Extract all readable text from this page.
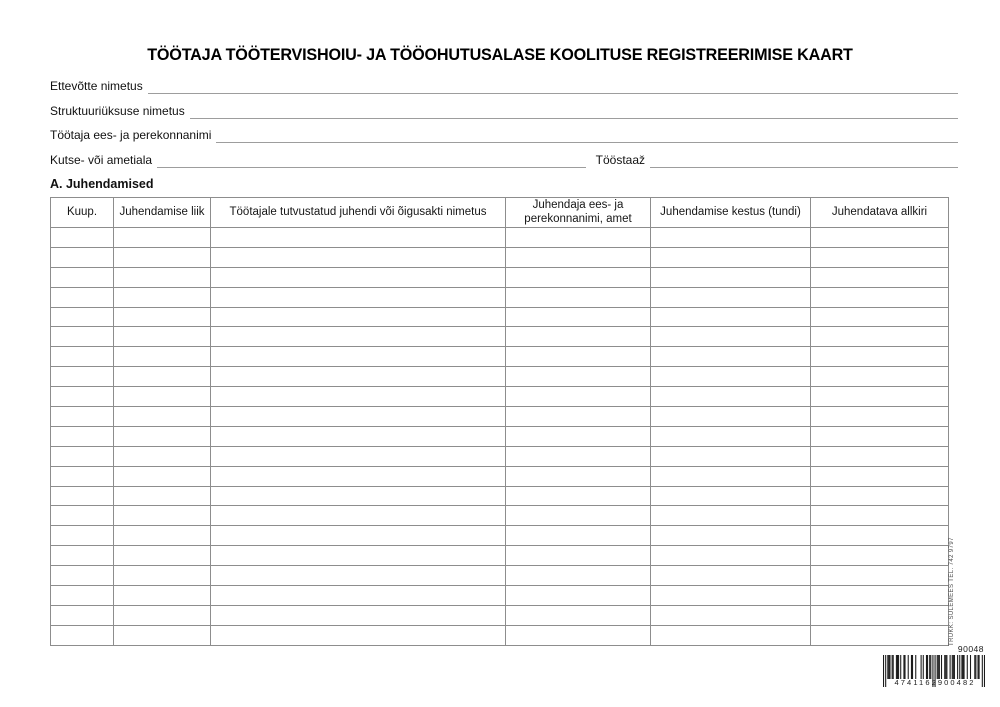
TÖÖTAJA TÖÖTERVISHOIU- JA TÖÖOHUTUSALASE KOOLITUSE REGISTREERIMISE KAART
Ettevõtte nimetus
Struktuuriüksuse nimetus
Töötaja ees- ja perekonnanimi
Kutse- või ametiala	Tööstaaž
A. Juhendamised
Kuup.	Juhendamise liik	Töötajale tutvustatud juhendi või õigusakti nimetus	Juhendaja ees- ja perekonnanimi, amet	Juhendamise kestus (tundi)	Juhendatava allkiri

TRÜKK: SULEMEES TEL. 742 9797
90048
4741162900482
